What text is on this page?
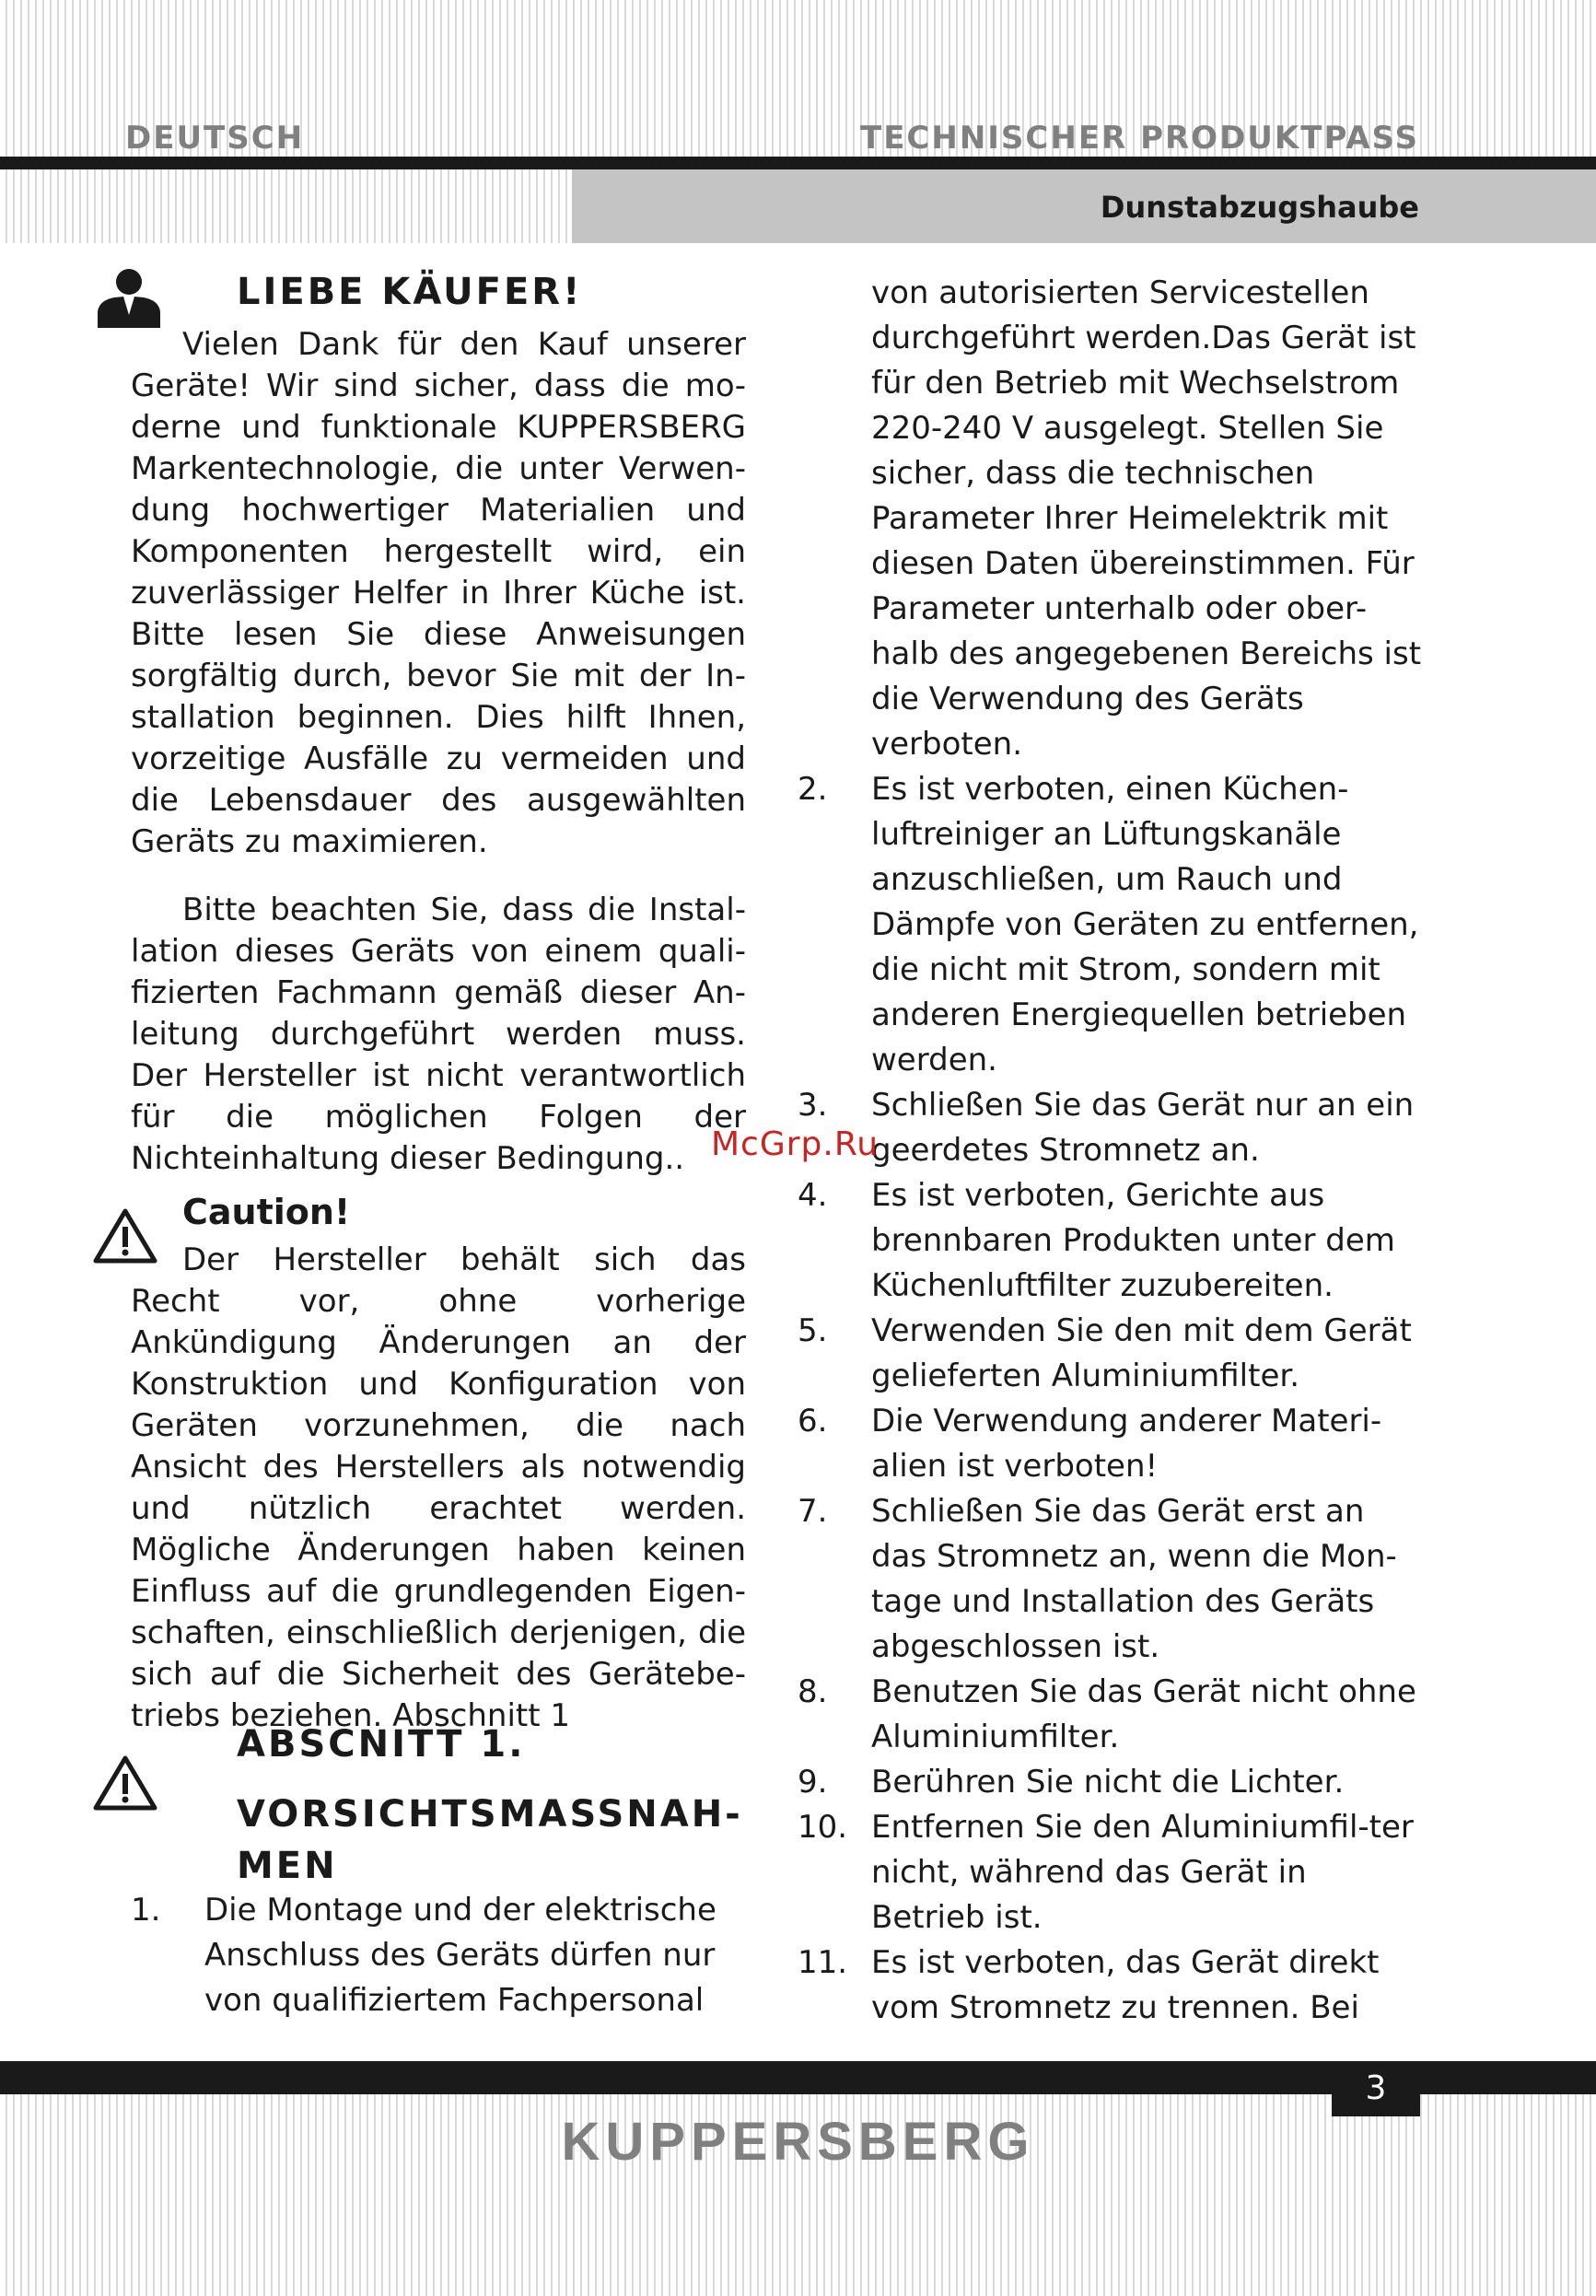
DEUTSCH	TECHNISCHER PRODUKTPASS
Dunstabzugshaube
LIEBE KÄUFER!

Vielen Dank für den Kauf unserer Geräte! Wir sind sicher, dass die moderne und funktionale KUPPERSBERG Markentechnologie, die unter Verwendung hochwertiger Materialien und Komponenten hergestellt wird, ein zuverlässiger Helfer in Ihrer Küche ist. Bitte lesen Sie diese Anweisungen sorgfältig durch, bevor Sie mit der Installation beginnen. Dies hilft Ihnen, vorzeitige Ausfälle zu vermeiden und die Lebensdauer des ausgewählten Geräts zu maximieren.

Bitte beachten Sie, dass die Installation dieses Geräts von einem qualifizierten Fachmann gemäß dieser Anleitung durchgeführt werden muss. Der Hersteller ist nicht verantwortlich für die möglichen Folgen der Nichteinhaltung dieser Bedingung..

Caution!

Der Hersteller behält sich das Recht vor, ohne vorherige Ankündigung Änderungen an der Konstruktion und Konfiguration von Geräten vorzunehmen, die nach Ansicht des Herstellers als notwendig und nützlich erachtet werden. Mögliche Änderungen haben keinen Einfluss auf die grundlegenden Eigenschaften, einschließlich derjenigen, die sich auf die Sicherheit des Gerätebetriebs beziehen. Abschnitt 1

ABSCNITT 1.
VORSICHTSMASSNAH-MEN
1. Die Montage und der elektrische Anschluss des Geräts dürfen nur von qualifiziertem Fachpersonal
von autorisierten Servicestellen durchgeführt werden.Das Gerät ist für den Betrieb mit Wechselstrom 220-240 V ausgelegt. Stellen Sie sicher, dass die technischen Parameter Ihrer Heimelektrik mit diesen Daten übereinstimmen. Für Parameter unterhalb oder ober-halb des angegebenen Bereichs ist die Verwendung des Geräts verboten.
2. Es ist verboten, einen Küchen-luftreiniger an Lüftungskanäle anzuschließen, um Rauch und Dämpfe von Geräten zu entfernen, die nicht mit Strom, sondern mit anderen Energiequellen betrieben werden.
3. Schließen Sie das Gerät nur an ein geerdetes Stromnetz an.
4. Es ist verboten, Gerichte aus brennbaren Produkten unter dem Küchenluftfilter zuzubereiten.
5. Verwenden Sie den mit dem Gerät gelieferten Aluminiumfilter.
6. Die Verwendung anderer Materi-alien ist verboten!
7. Schließen Sie das Gerät erst an das Stromnetz an, wenn die Mon-tage und Installation des Geräts abgeschlossen ist.
8. Benutzen Sie das Gerät nicht ohne Aluminiumfilter.
9. Berühren Sie nicht die Lichter.
10. Entfernen Sie den Aluminiumfil-ter nicht, während das Gerät in Betrieb ist.
11. Es ist verboten, das Gerät direkt vom Stromnetz zu trennen. Bei
McGrp.Ru
3
KUPPERSBERG
